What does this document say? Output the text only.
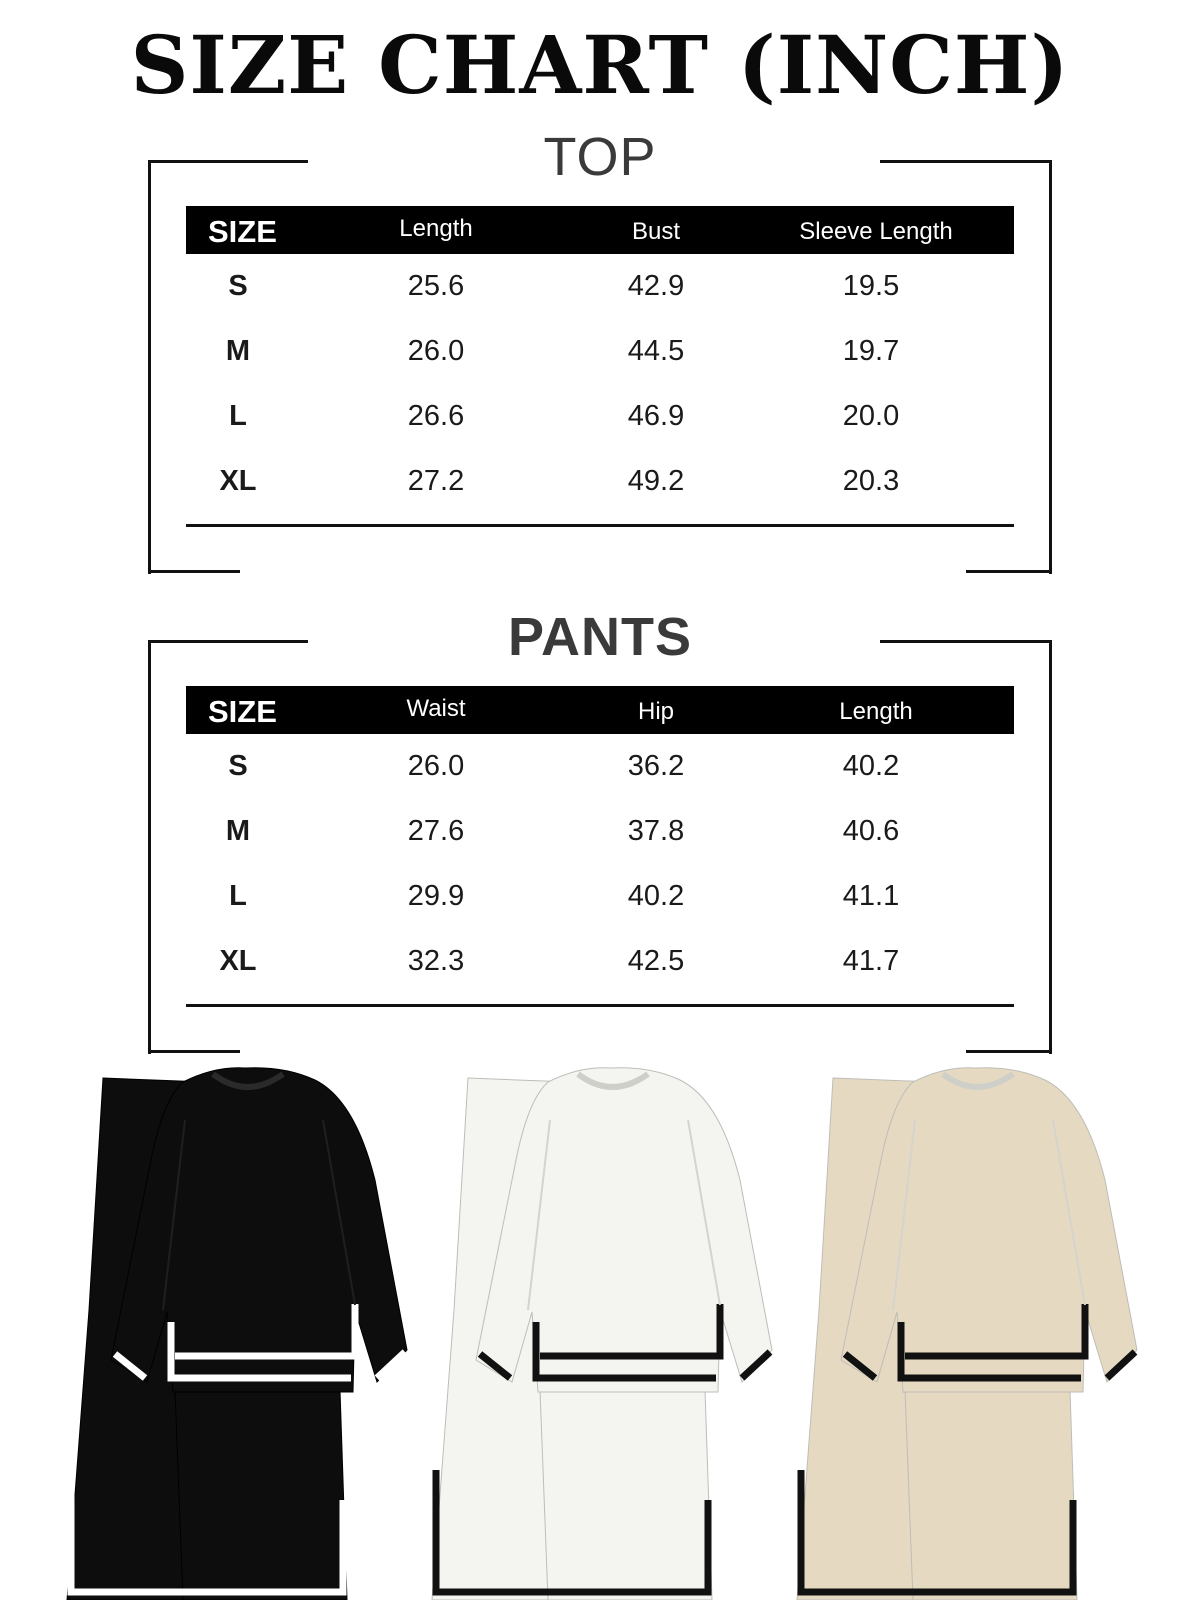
SIZE CHART (INCH)
TOP
SIZE	Length	Bust	Sleeve Length
S	25.6	42.9	19.5
M	26.0	44.5	19.7
L	26.6	46.9	20.0
XL	27.2	49.2	20.3
PANTS
SIZE	Waist	Hip	Length
S	26.0	36.2	40.2
M	27.6	37.8	40.6
L	29.9	40.2	41.1
XL	32.3	42.5	41.7
